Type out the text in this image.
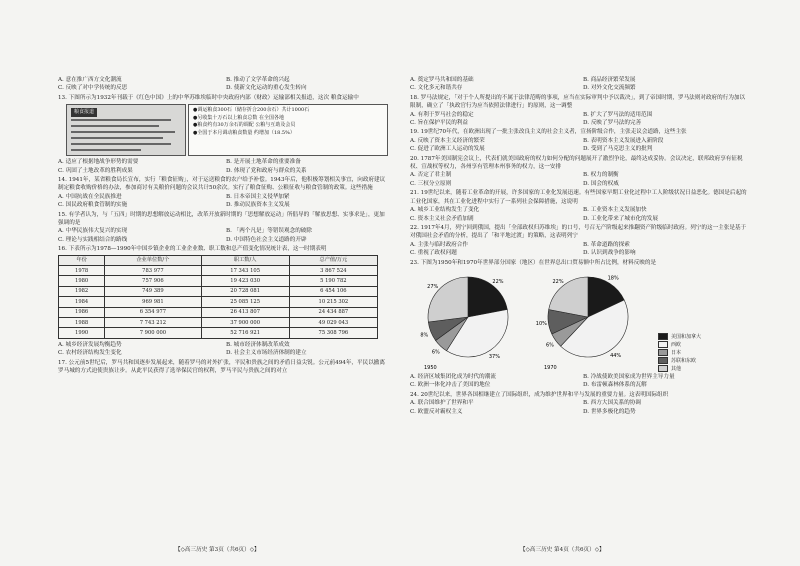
A. 意在推广西方文化潮流	B. 推动了文学革命的兴起
C. 反映了对中学传统的反思	D. 使新文化运动的重心发生转向

13. 下图所示为1932年刊载于《红色中国》上的中华苏维埃临时中央政府内部（财政）运输部相关报道，这次 粮食运输中

粮食报道	●调运粮食300石（储存折合200余石）共计1000石
●另收集十万石以上粮食总数 在全国各地
●粮食约有30万余石的调配 公粮与互助及会员
●全国于本月调动粮食数量 约增加（18.5%）
A. 适应了根据地战争形势的需要	B. 是开展土地革命的重要准备
C. 巩固了土地改革的胜利成果	D. 体现了党和政府与群众的关系

14. 1941年，某省粮食局长宣布，实行「粮食征购」，对于运送粮食的农户给予补偿。1943年后，他积极筹划相关事宜，向政府建议制定粮食收购价格的办法，参加商讨有关粮价问题的会议共计50余次。实行了粮食征购、公粮征收与粮食管制的政策。这些措施

A. 中国抗战在全民族推进	B. 日本帝国主义侵华加紧
C. 国民政府粮食管制的实施	D. 推动民族资本主义发展

15. 有学者认为，与「五四」时期的思想解放运动相比，改革开放新时期的「思想解放运动」所倡导的「解放思想、实事求是」，更加强调的是

A. 中华民族伟大复兴的实现	B. 「两个凡是」等错误观念的破除
C. 理论与实践相结合的路线	D. 中国特色社会主义道路的开辟

16. 下表所示为1978—1990年中国乡镇企业的工业企业数、职工数和总产值变化情况统计表，这一时期表明

年份	企业单位数/个	职工数/人	总产值/万元
1978	783 977	17 343 105	3 867 524
1980	757 906	19 423 030	5 190 782
1982	749 389	20 728 081	6 454 106
1984	969 981	25 085 125	10 215 302
1986	6 354 977	26 413 807	24 434 887
1988	7 743 212	37 900 000	49 029 043
1990	7 900 000	52 716 921	75 308 796
A. 城乡经济发展均衡趋势	B. 城市经济体制改革成效
C. 农村经济结构发生变化	D. 社会主义市场经济体制的建立

17. 公元前5世纪后，罗马共和国逐步发展起来，随着罗马的对外扩张，平民和贵族之间的矛盾日益尖锐。公元前494年，平民以撤离罗马城的方式迫使贵族让步。从此平民获得了选举保民官的权利，罗马平民与贵族之间的对立

A. 奠定罗马共和国的基础	B. 商品经济繁荣发展
C. 文化多元和谐共存	D. 对外文化交流频繁

18. 罗马法规定，「对于个人所提出的不属于法律范畴的事项，应当在实际审判中予以裁决」，到了帝国时期，罗马法则对政府的行为加以限制，确立了「执政官行为应当依照法律进行」的原则，这一调整

A. 有利于罗马社会的稳定	B. 扩大了罗马法的适用范围
C. 旨在保护平民的利益	D. 反映了罗马法的完善

19. 19世纪70年代，在欧洲出现了一批主张改良主义的社会主义者，宣扬阶级合作，主张走议会道路，这些主张

A. 反映了资本主义经济的繁荣	B. 表明资本主义发展进入新阶段
C. 促进了欧洲工人运动的发展	D. 受到了马克思主义的批判

20. 1787年美国制宪会议上，代表们就美国政府的权力如何分配的问题展开了激烈争论，最终达成妥协。会议决定，联邦政府享有征税权、宣战权等权力，各州享有管理本州事务的权力，这一安排

A. 否定了君主制	B. 权力的制衡
C. 三权分立原则	D. 国会的权威

21. 19世纪以来，随着工业革命的开展，许多国家的工业化发展迅速。有些国家早期工业化过程中工人阶级状况日益恶化。德国是后起的工业化国家，其在工业化进程中实行了一系列社会保障措施，这说明

A. 城乡工业结构发生了变化	B. 工业资本主义发展加快
C. 资本主义社会矛盾加剧	D. 工业化带来了城市化的发展

22. 1917年4月，列宁回到俄国，提出「全部政权归苏维埃」的口号，号召无产阶级起来推翻资产阶级临时政府。列宁的这一主张是基于对俄国社会矛盾的分析，提出了「和平地过渡」的策略，这表明列宁

A. 主张与临时政府合作	B. 革命道路的探索
C. 重视了政权问题	D. 认识到战争的影响

23. 下图为1950年和1970年世界部分国家（地区）在世界总出口贸易额中所占比例，材料反映的是

22%
37%
6%
8%
27%
1950
18%
44%
6%
10%
22%
1970
美国和加拿大
西欧
日本
苏联和东欧
其他
A. 经济区域集团化成为时代的潮流	B. 冷战使欧美国家成为世界主导力量
C. 欧洲一体化冲击了美国的地位	D. 布雷顿森林体系的瓦解

24. 20世纪以来，世界各国相继建立了国际组织，成为维护世界和平与发展的重要力量。这表明国际组织

A. 联合国维护了世界和平	B. 西方大国关系的协调
C. 欧盟反对霸权主义	D. 世界多极化的趋势
【◇高三历史 第3页（共6页）◇】	【◇高三历史 第4页（共6页）◇】
